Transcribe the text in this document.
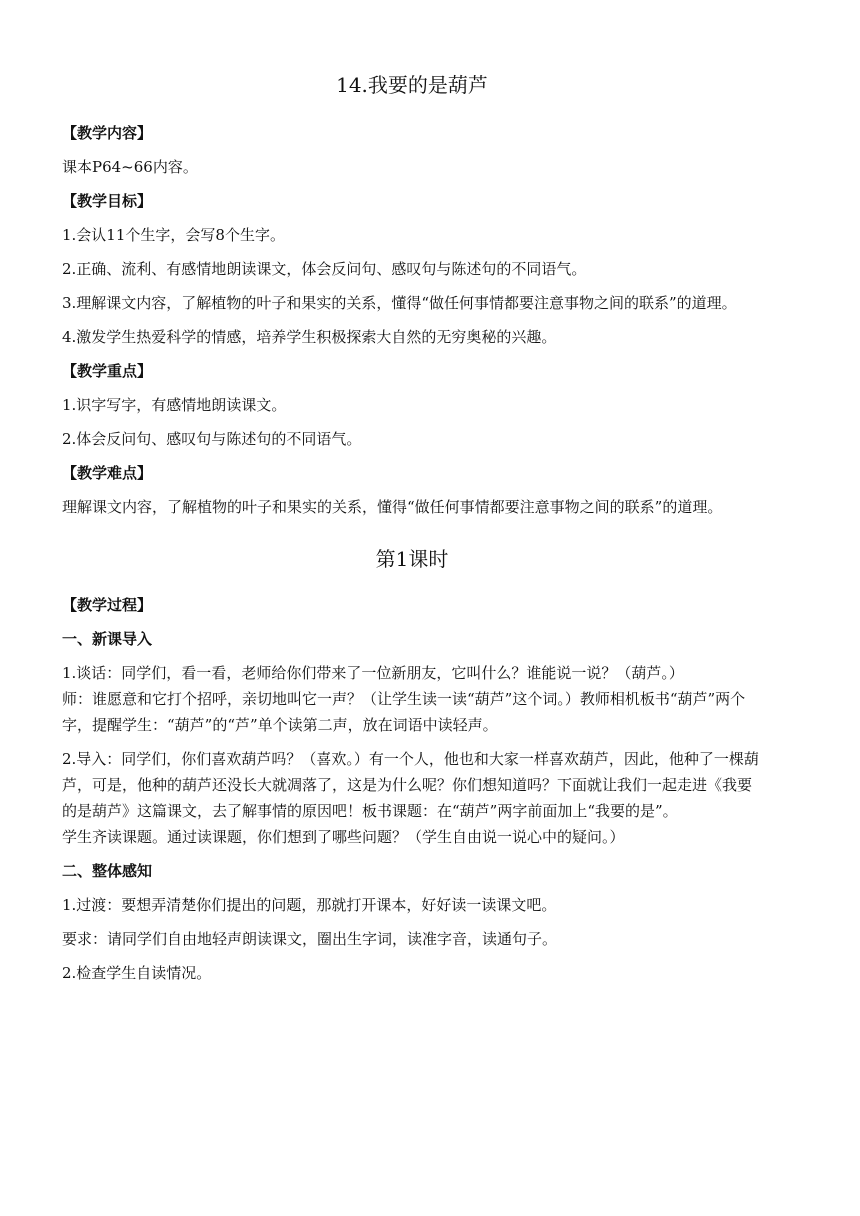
14.我要的是葫芦
【教学内容】
课本P64~66内容。
【教学目标】
1.会认11个生字，会写8个生字。
2.正确、流利、有感情地朗读课文，体会反问句、感叹句与陈述句的不同语气。
3.理解课文内容，了解植物的叶子和果实的关系，懂得“做任何事情都要注意事物之间的联系”的道理。
4.激发学生热爱科学的情感，培养学生积极探索大自然的无穷奥秘的兴趣。
【教学重点】
1.识字写字，有感情地朗读课文。
2.体会反问句、感叹句与陈述句的不同语气。
【教学难点】
理解课文内容，了解植物的叶子和果实的关系，懂得“做任何事情都要注意事物之间的联系”的道理。
第1课时
【教学过程】
一、新课导入
1.谈话：同学们，看一看，老师给你们带来了一位新朋友，它叫什么？谁能说一说？（葫芦。）
师：谁愿意和它打个招呼，亲切地叫它一声？（让学生读一读“葫芦”这个词。）教师相机板书“葫芦”两个字，提醒学生：“葫芦”的“芦”单个读第二声，放在词语中读轻声。
2.导入：同学们，你们喜欢葫芦吗？（喜欢。）有一个人，他也和大家一样喜欢葫芦，因此，他种了一棵葫芦，可是，他种的葫芦还没长大就凋落了，这是为什么呢？你们想知道吗？下面就让我们一起走进《我要的是葫芦》这篇课文，去了解事情的原因吧！板书课题：在“葫芦”两字前面加上“我要的是”。
学生齐读课题。通过读课题，你们想到了哪些问题？（学生自由说一说心中的疑问。）
二、整体感知
1.过渡：要想弄清楚你们提出的问题，那就打开课本，好好读一读课文吧。
要求：请同学们自由地轻声朗读课文，圈出生字词，读准字音，读通句子。
2.检查学生自读情况。
